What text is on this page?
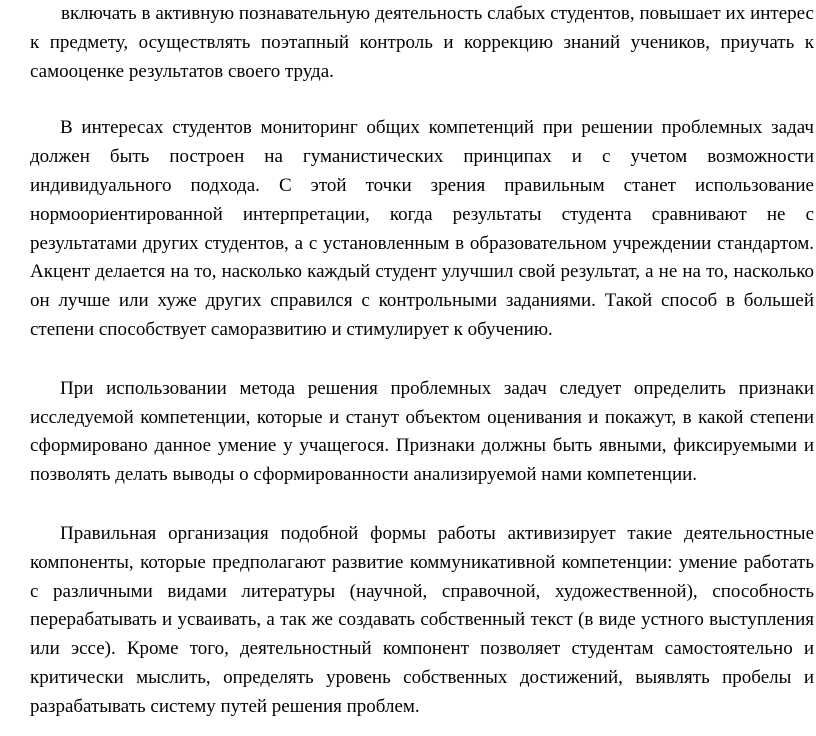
включать в активную познавательную деятельность слабых студентов, повышает их интерес к предмету, осуществлять поэтапный контроль и коррекцию знаний учеников, приучать к самооценке результатов своего труда.

В интересах студентов мониторинг общих компетенций при решении проблемных задач должен быть построен на гуманистических принципах и с учетом возможности индивидуального подхода. С этой точки зрения правильным станет использование нормоориентированной интерпретации, когда результаты студента сравнивают не с результатами других студентов, а с установленным в образовательном учреждении стандартом. Акцент делается на то, насколько каждый студент улучшил свой результат, а не на то, насколько он лучше или хуже других справился с контрольными заданиями. Такой способ в большей степени способствует саморазвитию и стимулирует к обучению.

При использовании метода решения проблемных задач следует определить признаки исследуемой компетенции, которые и станут объектом оценивания и покажут, в какой степени сформировано данное умение у учащегося. Признаки должны быть явными, фиксируемыми и позволять делать выводы о сформированности анализируемой нами компетенции.

Правильная организация подобной формы работы активизирует такие деятельностные компоненты, которые предполагают развитие коммуникативной компетенции: умение работать с различными видами литературы (научной, справочной, художественной), способность перерабатывать и усваивать, а так же создавать собственный текст (в виде устного выступления или эссе). Кроме того, деятельностный компонент позволяет студентам самостоятельно и критически мыслить, определять уровень собственных достижений, выявлять пробелы и разрабатывать систему путей решения проблем.
